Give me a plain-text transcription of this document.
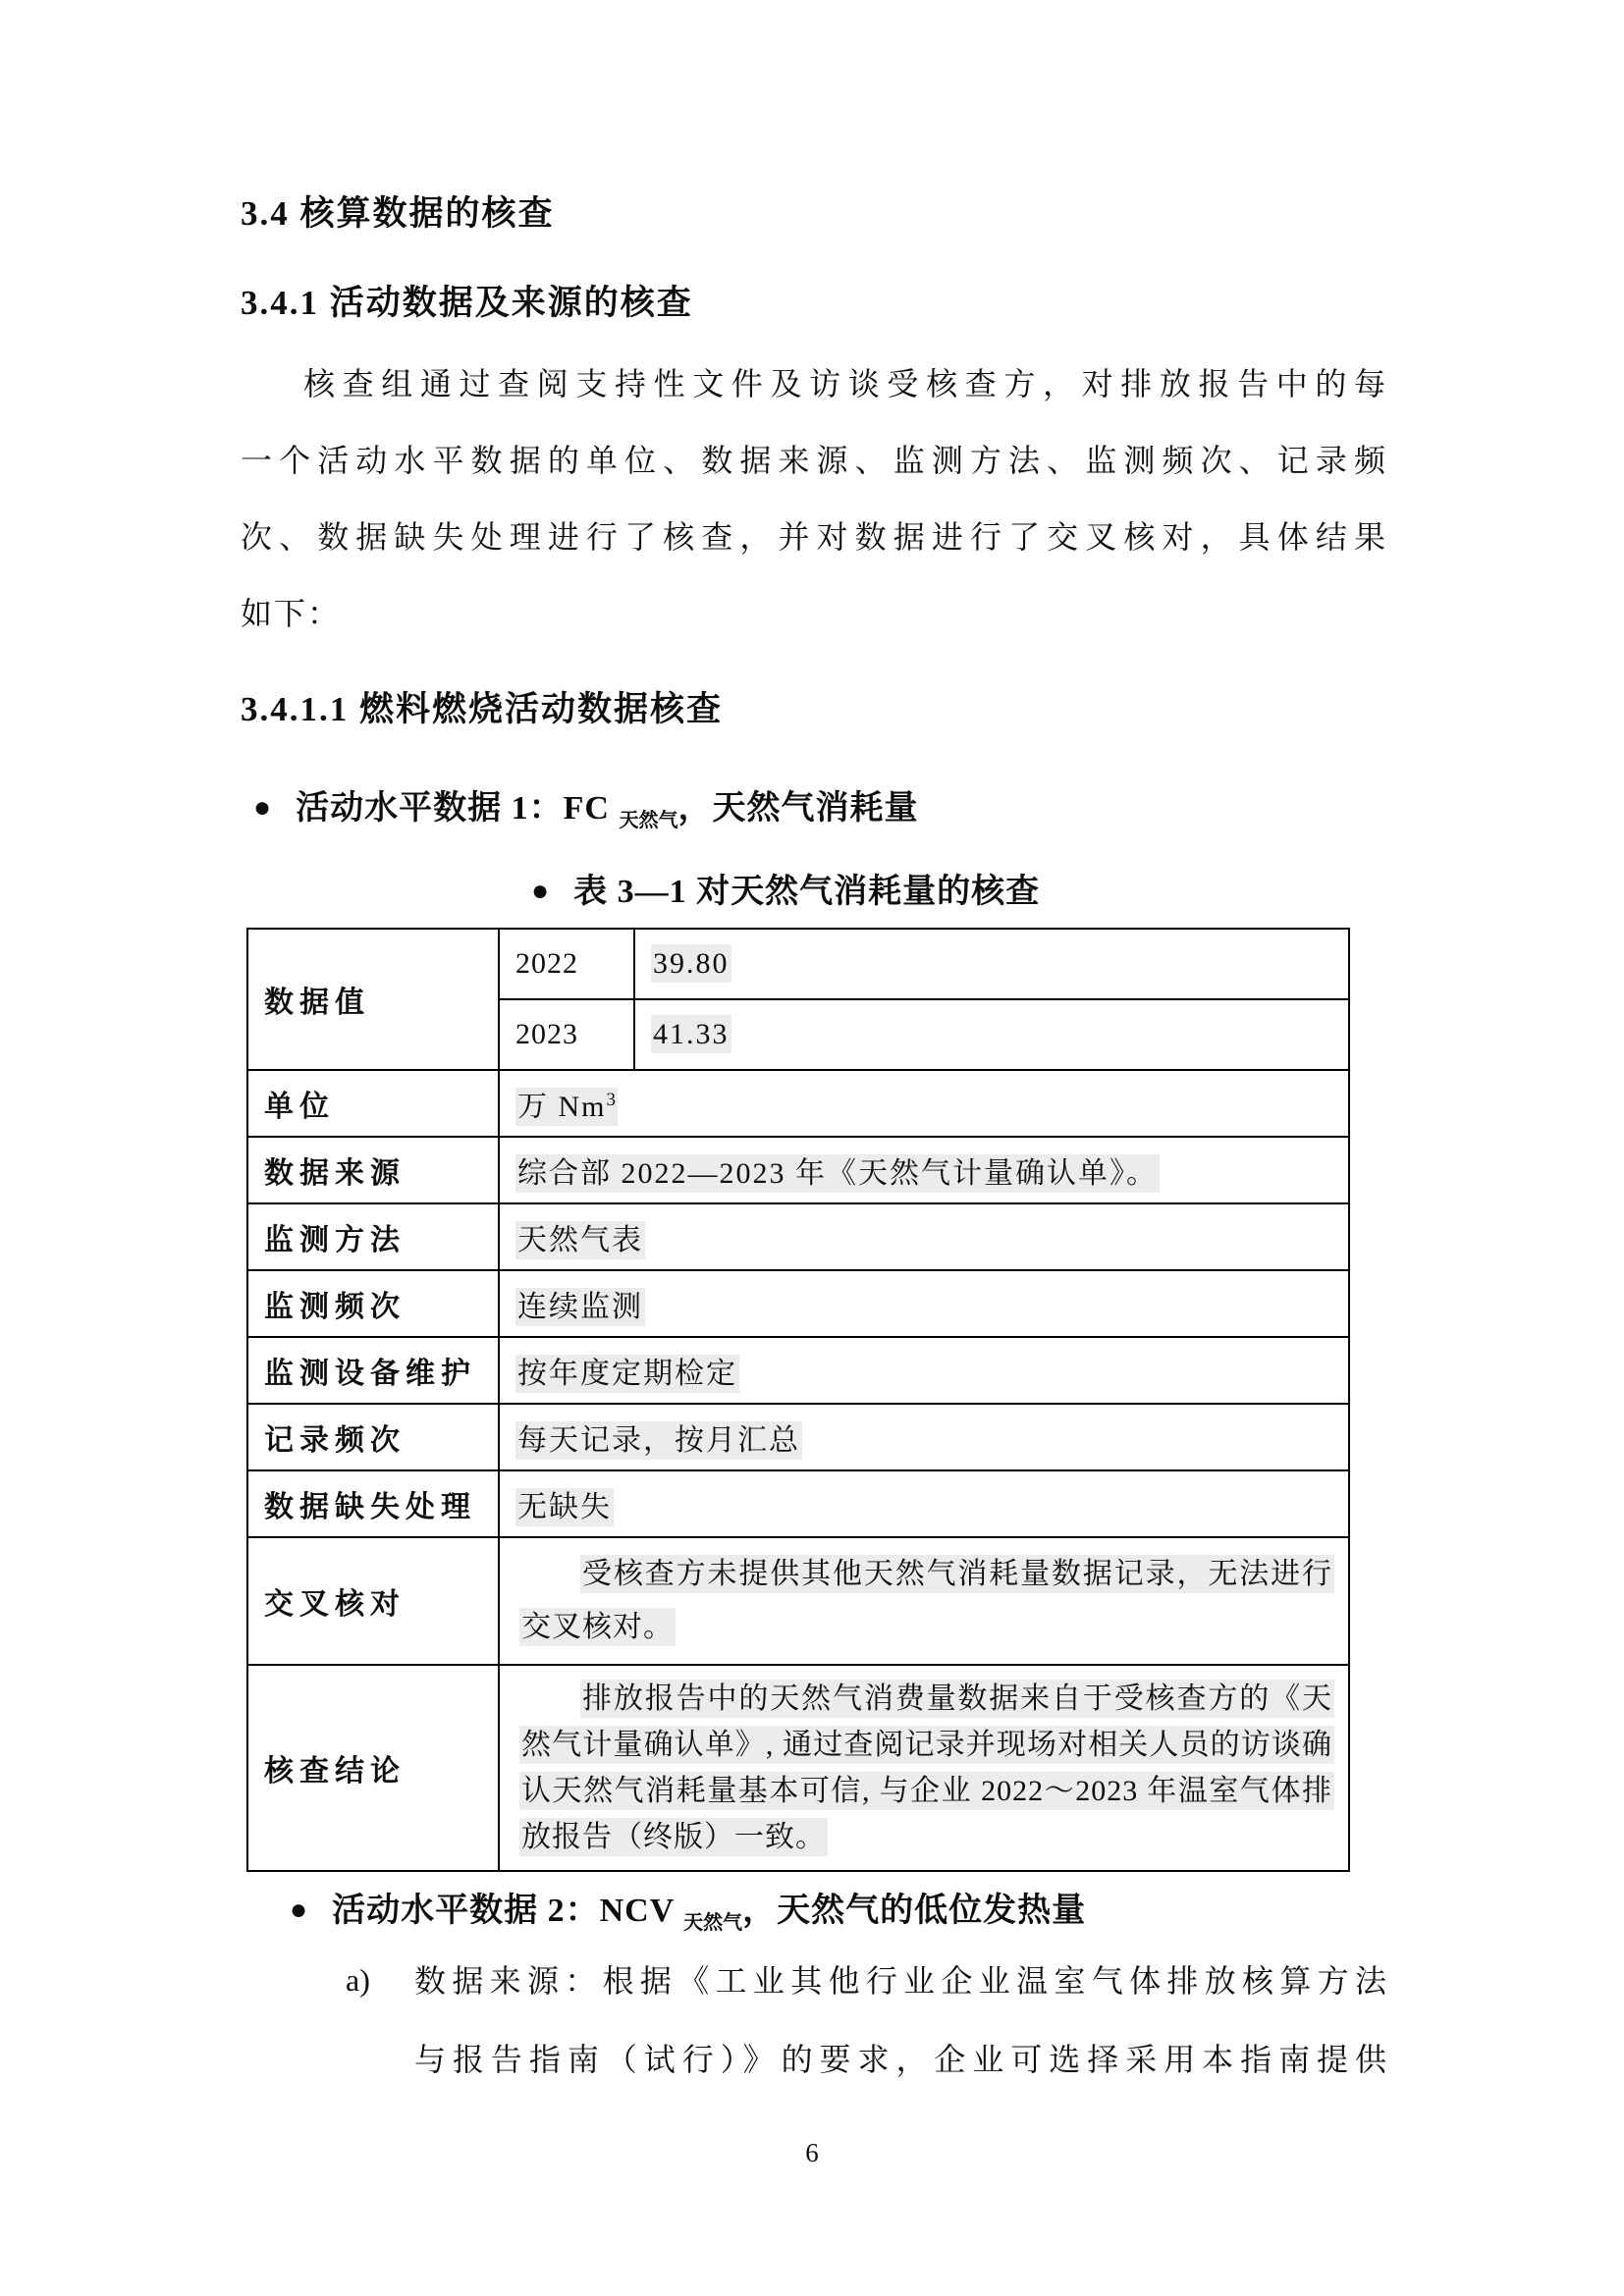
3.4 核算数据的核查
3.4.1 活动数据及来源的核查
核查组通过查阅支持性文件及访谈受核查方，对排放报告中的每
一个活动水平数据的单位、数据来源、监测方法、监测频次、记录频
次、数据缺失处理进行了核查，并对数据进行了交叉核对，具体结果
如下：
3.4.1.1 燃料燃烧活动数据核查
● 活动水平数据 1：FC $_{天然气}$，天然气消耗量
● 表 3—1 对天然气消耗量的核查
数据值	2022	39.80
	2023	41.33
单位	万 Nm$^3$
数据来源	综合部 2022—2023 年《天然气计量确认单》。	
监测方法	天然气表	
监测频次	连续监测	
监测设备维护	按年度定期检定	
记录频次	每天记录，按月汇总	
数据缺失处理	无缺失	
交叉核对	受核查方未提供其他天然气消耗量数据记录，无法进行交叉核对。	

核查结论	排放报告中的天然气消费量数据来自于受核查方的《天然气计量确认单》, 通过查阅记录并现场对相关人员的访谈确认天然气消耗量基本可信, 与企业 2022～2023 年温室气体排放报告（终版）一致。	
● 活动水平数据 2：NCV $_{天然气}$，天然气的低位发热量
a) 数据来源：根据《工业其他行业企业温室气体排放核算方法
与报告指南（试行）》的要求，企业可选择采用本指南提供
6
